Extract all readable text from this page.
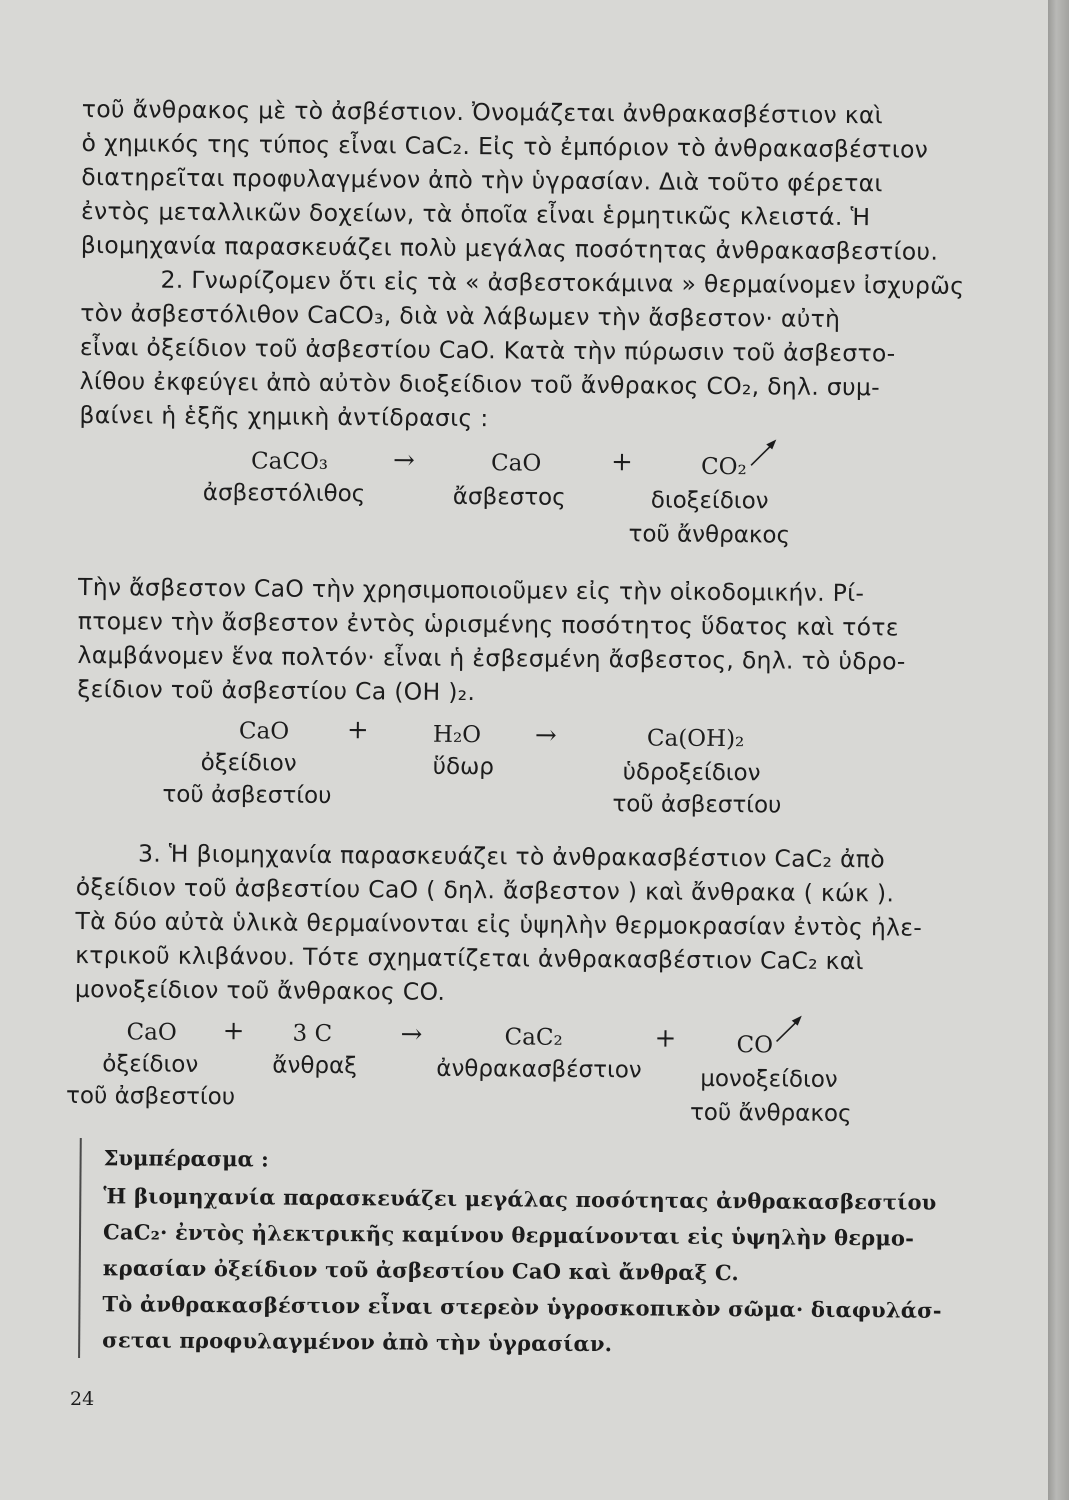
τοῦ ἄνθρακος μὲ τὸ ἀσβέστιον. Ὀνομάζεται ἀνθρακασβέστιον καὶ

ὁ χημικός της τύπος εἶναι CaC₂. Εἰς τὸ ἐμπόριον τὸ ἀνθρακασβέστιον

διατηρεῖται προφυλαγμένον ἀπὸ τὴν ὑγρασίαν. Διὰ τοῦτο φέρεται

ἐντὸς μεταλλικῶν δοχείων, τὰ ὁποῖα εἶναι ἑρμητικῶς κλειστά. Ἡ

βιομηχανία παρασκευάζει πολὺ μεγάλας ποσότητας ἀνθρακασβεστίου.

2. Γνωρίζομεν ὅτι εἰς τὰ « ἀσβεστοκάμινα » θερμαίνομεν ἰσχυρῶς

τὸν ἀσβεστόλιθον CaCO₃, διὰ νὰ λάβωμεν τὴν ἄσβεστον· αὐτὴ

εἶναι ὀξείδιον τοῦ ἀσβεστίου CaO. Κατὰ τὴν πύρωσιν τοῦ ἀσβεστο-

λίθου ἐκφεύγει ἀπὸ αὐτὸν διοξείδιον τοῦ ἄνθρακος CO₂, δηλ. συμ-

βαίνει ἡ ἑξῆς χημικὴ ἀντίδρασις :

CaCO₃
ἀσβεστόλιθος
→	CaO
ἄσβεστος
+	CO₂
διοξείδιον
τοῦ ἄνθρακος

Τὴν ἄσβεστον CaO τὴν χρησιμοποιοῦμεν εἰς τὴν οἰκοδομικήν. Ρί-

πτομεν τὴν ἄσβεστον ἐντὸς ὡρισμένης ποσότητος ὕδατος καὶ τότε

λαμβάνομεν ἕνα πολτόν· εἶναι ἡ ἐσβεσμένη ἄσβεστος, δηλ. τὸ ὑδρο-

ξείδιον τοῦ ἀσβεστίου Ca (OH )₂.

CaO
ὀξείδιον
τοῦ ἀσβεστίου
+	H₂O
ὕδωρ
→	Ca(OH)₂
ὑδροξείδιον
τοῦ ἀσβεστίου

3. Ἡ βιομηχανία παρασκευάζει τὸ ἀνθρακασβέστιον CaC₂ ἀπὸ

ὀξείδιον τοῦ ἀσβεστίου CaO ( δηλ. ἄσβεστον ) καὶ ἄνθρακα ( κώκ ).

Τὰ δύο αὐτὰ ὑλικὰ θερμαίνονται εἰς ὑψηλὴν θερμοκρασίαν ἐντὸς ἠλε-

κτρικοῦ κλιβάνου. Τότε σχηματίζεται ἀνθρακασβέστιον CaC₂ καὶ

μονοξείδιον τοῦ ἄνθρακος CO.

CaO
ὀξείδιον
τοῦ ἀσβεστίου
+ 3 C
ἄνθραξ
→	CaC₂
ἀνθρακασβέστιον
+	CO
μονοξείδιον
τοῦ ἄνθρακος
Συμπέρασμα :

Ἡ βιομηχανία παρασκευάζει μεγάλας ποσότητας ἀνθρακασβεστίου

CaC₂· ἐντὸς ἠλεκτρικῆς καμίνου θερμαίνονται εἰς ὑψηλὴν θερμο-

κρασίαν ὀξείδιον τοῦ ἀσβεστίου CaO καὶ ἄνθραξ C.

Τὸ ἀνθρακασβέστιον εἶναι στερεὸν ὑγροσκοπικὸν σῶμα· διαφυλάσ-

σεται προφυλαγμένον ἀπὸ τὴν ὑγρασίαν.

24
